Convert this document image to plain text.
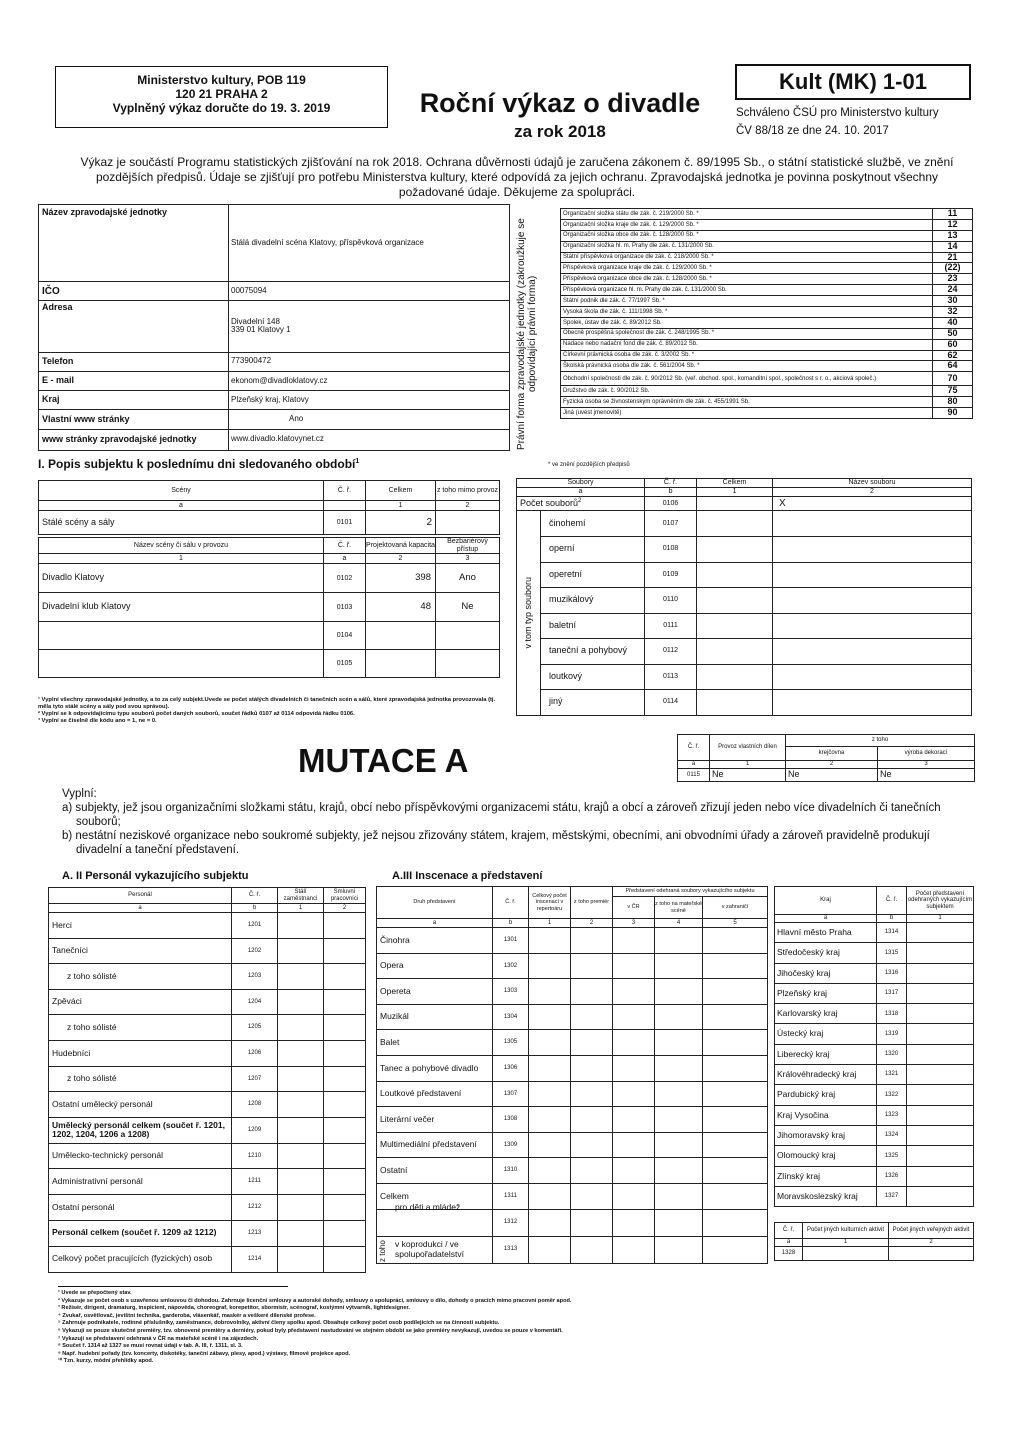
Ministerstvo kultury, POB 119
120 21 PRAHA 2
Vyplněný výkaz doručte do 19. 3. 2019	Roční výkaz o divadle
za rok 2018
Kult (MK) 1-01
Schváleno ČSÚ pro Ministerstvo kultury
ČV 88/18 ze dne 24. 10. 2017
Výkaz je součástí Programu statistických zjišťování na rok 2018. Ochrana důvěrnosti údajů je zaručena zákonem č. 89/1995 Sb., o státní statistické službě, ve znění pozdějších předpisů. Údaje se zjišťují pro potřebu Ministerstva kultury, které odpovídá za jejich ochranu. Zpravodajská jednotka je povinna poskytnout všechny požadované údaje. Děkujeme za spolupráci.
Název zpravodajské jednotky	Stálá divadelní scéna Klatovy, příspěvková organizace
IČO	00075094
Adresa	Divadelní 148
339 01 Klatovy 1

Telefon	773900472
E - mail	ekonom@divadloklatovy.cz
Kraj	Plzeňský kraj, Klatovy
Vlastní www stránky	Ano
www stránky zpravodajské jednotky	www.divadlo.klatovynet.cz	Právní forma zpravodajské jednotky (zakroužkuje se odpovídající právní forma)
Organizační složka státu dle zák. č. 219/2000 Sb. *	11
Organizační složka kraje dle zák. č. 129/2000 Sb. *	12
Organizační složka obce dle zák. č. 128/2000 Sb. *	13
Organizační složka hl. m. Prahy dle zák. č. 131/2000 Sb.	14
Státní příspěvková organizace dle zák. č. 218/2000 Sb. *	21
Příspěvková organizace kraje dle zák. č. 129/2000 Sb. *	(22)
Příspěvková organizace obce dle zák. č. 128/2000 Sb. *	23
Příspěvková organizace hl. m. Prahy dle zák. č. 131/2000 Sb.	24
Státní podnik dle zák. č. 77/1997 Sb. *	30
Vysoká škola dle zák. č. 111/1998 Sb. *	32
Spolek, ústav dle zák. č. 89/2012 Sb.	40
Obecně prospěšná společnost dle zák. č. 248/1995 Sb. *	50
Nadace nebo nadační fond dle zák. č. 89/2012 Sb.	60
Církevní právnická osoba dle zák. č. 3/2002 Sb. *	62
Školská právnická osoba dle zák. č. 561/2004 Sb. *	64
Obchodní společnosti dle zák. č. 90/2012 Sb. (veř. obchod. spol., komanditní spol., společnost s r. o., akciová společ.)	70
Družstvo dle zák. č. 90/2012 Sb.	75
Fyzická osoba se živnostenským oprávněním dle zák. č. 455/1991 Sb.	80
Jiná (uvést jmenovitě)	90
* ve znění pozdějších předpisů
I. Popis subjektu k poslednímu dni sledovaného období$^1$
Scény	Č. ř.	Celkem	z toho mimo provoz
a		1	2
Stálé scény a sály	0101	2	
Název scény či sálu v provozu	Č. ř.	Projektovaná kapacita	Bezbariérový přístup
1	a	2	3
Divadlo Klatovy	0102	398	Ano
Divadelní klub Klatovy	0103	48	Ne
	0104		
	0105		
¹ Vyplní všechny zpravodajské jednotky, a to za celý subjekt.Uvede se počet stálých divadelních či tanečních scén a sálů, které zpravodajská jednotka provozovala (tj. měla tyto stálé scény a sály pod svou správou).
² Vyplní se k odpovídajícímu typu souborů počet daných souborů, součet řádků 0107 až 0114 odpovídá řádku 0106.
³ Vyplní se číselně dle kódu ano = 1, ne = 0.
Soubory		Č. ř.	Celkem	Název souboru
a		b	1	2
Počet souborů$^2$		0106		X

v tom typ souboru	činohemí	0107		
	operní	0108		
	operetní	0109		
	muzikálový	0110		
	baletní	0111		
	taneční a pohybový	0112		
	loutkový	0113		
	jiný	0114		
Č. ř.	Provoz vlastních dílen	z toho	
		krejčovna	výroba dekorací
a	1	2	3
0115	Ne	Ne	Ne
MUTACE A
Vyplní:
a) subjekty, jež jsou organizačními složkami státu, krajů, obcí nebo příspěvkovými organizacemi státu, krajů a obcí a zároveň zřizují jeden nebo více divadelních či tanečních souborů;
b) nestátní neziskové organizace nebo soukromé subjekty, jež nejsou zřizovány státem, krajem, městskými, obecními, ani obvodními úřady a zároveň pravidelně produkují divadelní a taneční představení.
A. II Personál vykazujícího subjektu
Personál	Č. ř.	Stálí zaměstnanci	Smluvní pracovníci
a	b	1	2
Herci	1201		
Tanečníci	1202		
z toho sólisté	1203		
Zpěváci	1204		
z toho sólisté	1205		
Hudebníci	1206		
z toho sólisté	1207		
Ostatní umělecký personál	1208		
Umělecký personál celkem (součet ř. 1201, 1202, 1204, 1206 a 1208)	1209		
Umělecko-technický personál	1210		
Administrativní personál	1211		
Ostatní personál	1212		
Personál celkem (součet ř. 1209 až 1212)	1213		
Celkový počet pracujících (fyzických) osob	1214		
A.III Inscenace a představení
Druh představení	Č. ř.	Celkový počet inscenací v repertoáru	z toho premiér	Představení odehraná soubory vykazujícího subjektu		
				v ČR	z toho na mateřské scéně	v zahraničí
a	b	1	2	3	4	5
Činohra	1301					
Opera	1302					
Opereta	1303					
Muzikál	1304					
Balet	1305					
Tanec a pohybové divadlo	1306					
Loutkové představení	1307					
Literární večer	1308					
Multimediální představení	1309					
Ostatní	1310					
Celkem	1311					

z toho
pro děti a mládež	1312					

v koprodukci / ve spolupořadatelství	1313					
Kraj	Č. ř.	Počet představení odehraných vykazujícím subjektem
a	b	1
Hlavní město Praha	1314	
Středočeský kraj	1315	
Jihočeský kraj	1316	
Plzeňský kraj	1317	
Karlovarský kraj	1318	
Ústecký kraj	1319	
Liberecký kraj	1320	
Královéhradecký kraj	1321	
Pardubický kraj	1322	
Kraj Vysočina	1323	
Jihomoravský kraj	1324	
Olomoucký kraj	1325	
Zlínský kraj	1326	
Moravskoslezský kraj	1327	
Č. ř.	Počet jiných kulturních aktivit	Počet jiných veřejných aktivit
a	1	2
1328		
¹ Uvede se přepočtený stav.
² Vykazuje se počet osob s uzavřenou smlouvou či dohodou. Zahrnuje licenční smlouvy a autorské dohody, smlouvy o spolupráci, smlouvy o dílo, dohody o pracích mimo pracovní poměr apod.
³ Režisér, dirigent, dramaturg, inspicient, nápověda, choreograf, korepetitor, sbormistr, scénograf, kostýmní výtvarník, lightdesigner.
⁴ Zvukař, osvětlovač, jevištní technika, garderoba, vlásenkář, maskér a veškeré dílenské profese.
⁵ Zahrnuje podnikatele, rodinné příslušníky, zaměstnance, dobrovolníky, aktivní členy spolku apod. Obsahuje celkový počet osob podílejících se na činnosti subjektu.
⁶ Vykazují se pouze skutečné premiéry, tzv. obnovené premiéry a derniéry, pokud byly představení nastudováni ve stejném období se jako premiéry nevykazují, uvedou se pouze v komentáři.
⁷ Vykazují se představení odehraná v ČR na mateřské scéně i na zájezdech.
⁸ Součet ř. 1314 až 1327 se musí rovnat údaji v tab. A. III, ř. 1311, sl. 3.
⁹ Např. hudební pořady (tzv. koncerty, diskotéky, taneční zábavy, plesy, apod.) výstavy, filmové projekce apod.
¹⁰ Tzn. kurzy, módní přehlídky apod.
